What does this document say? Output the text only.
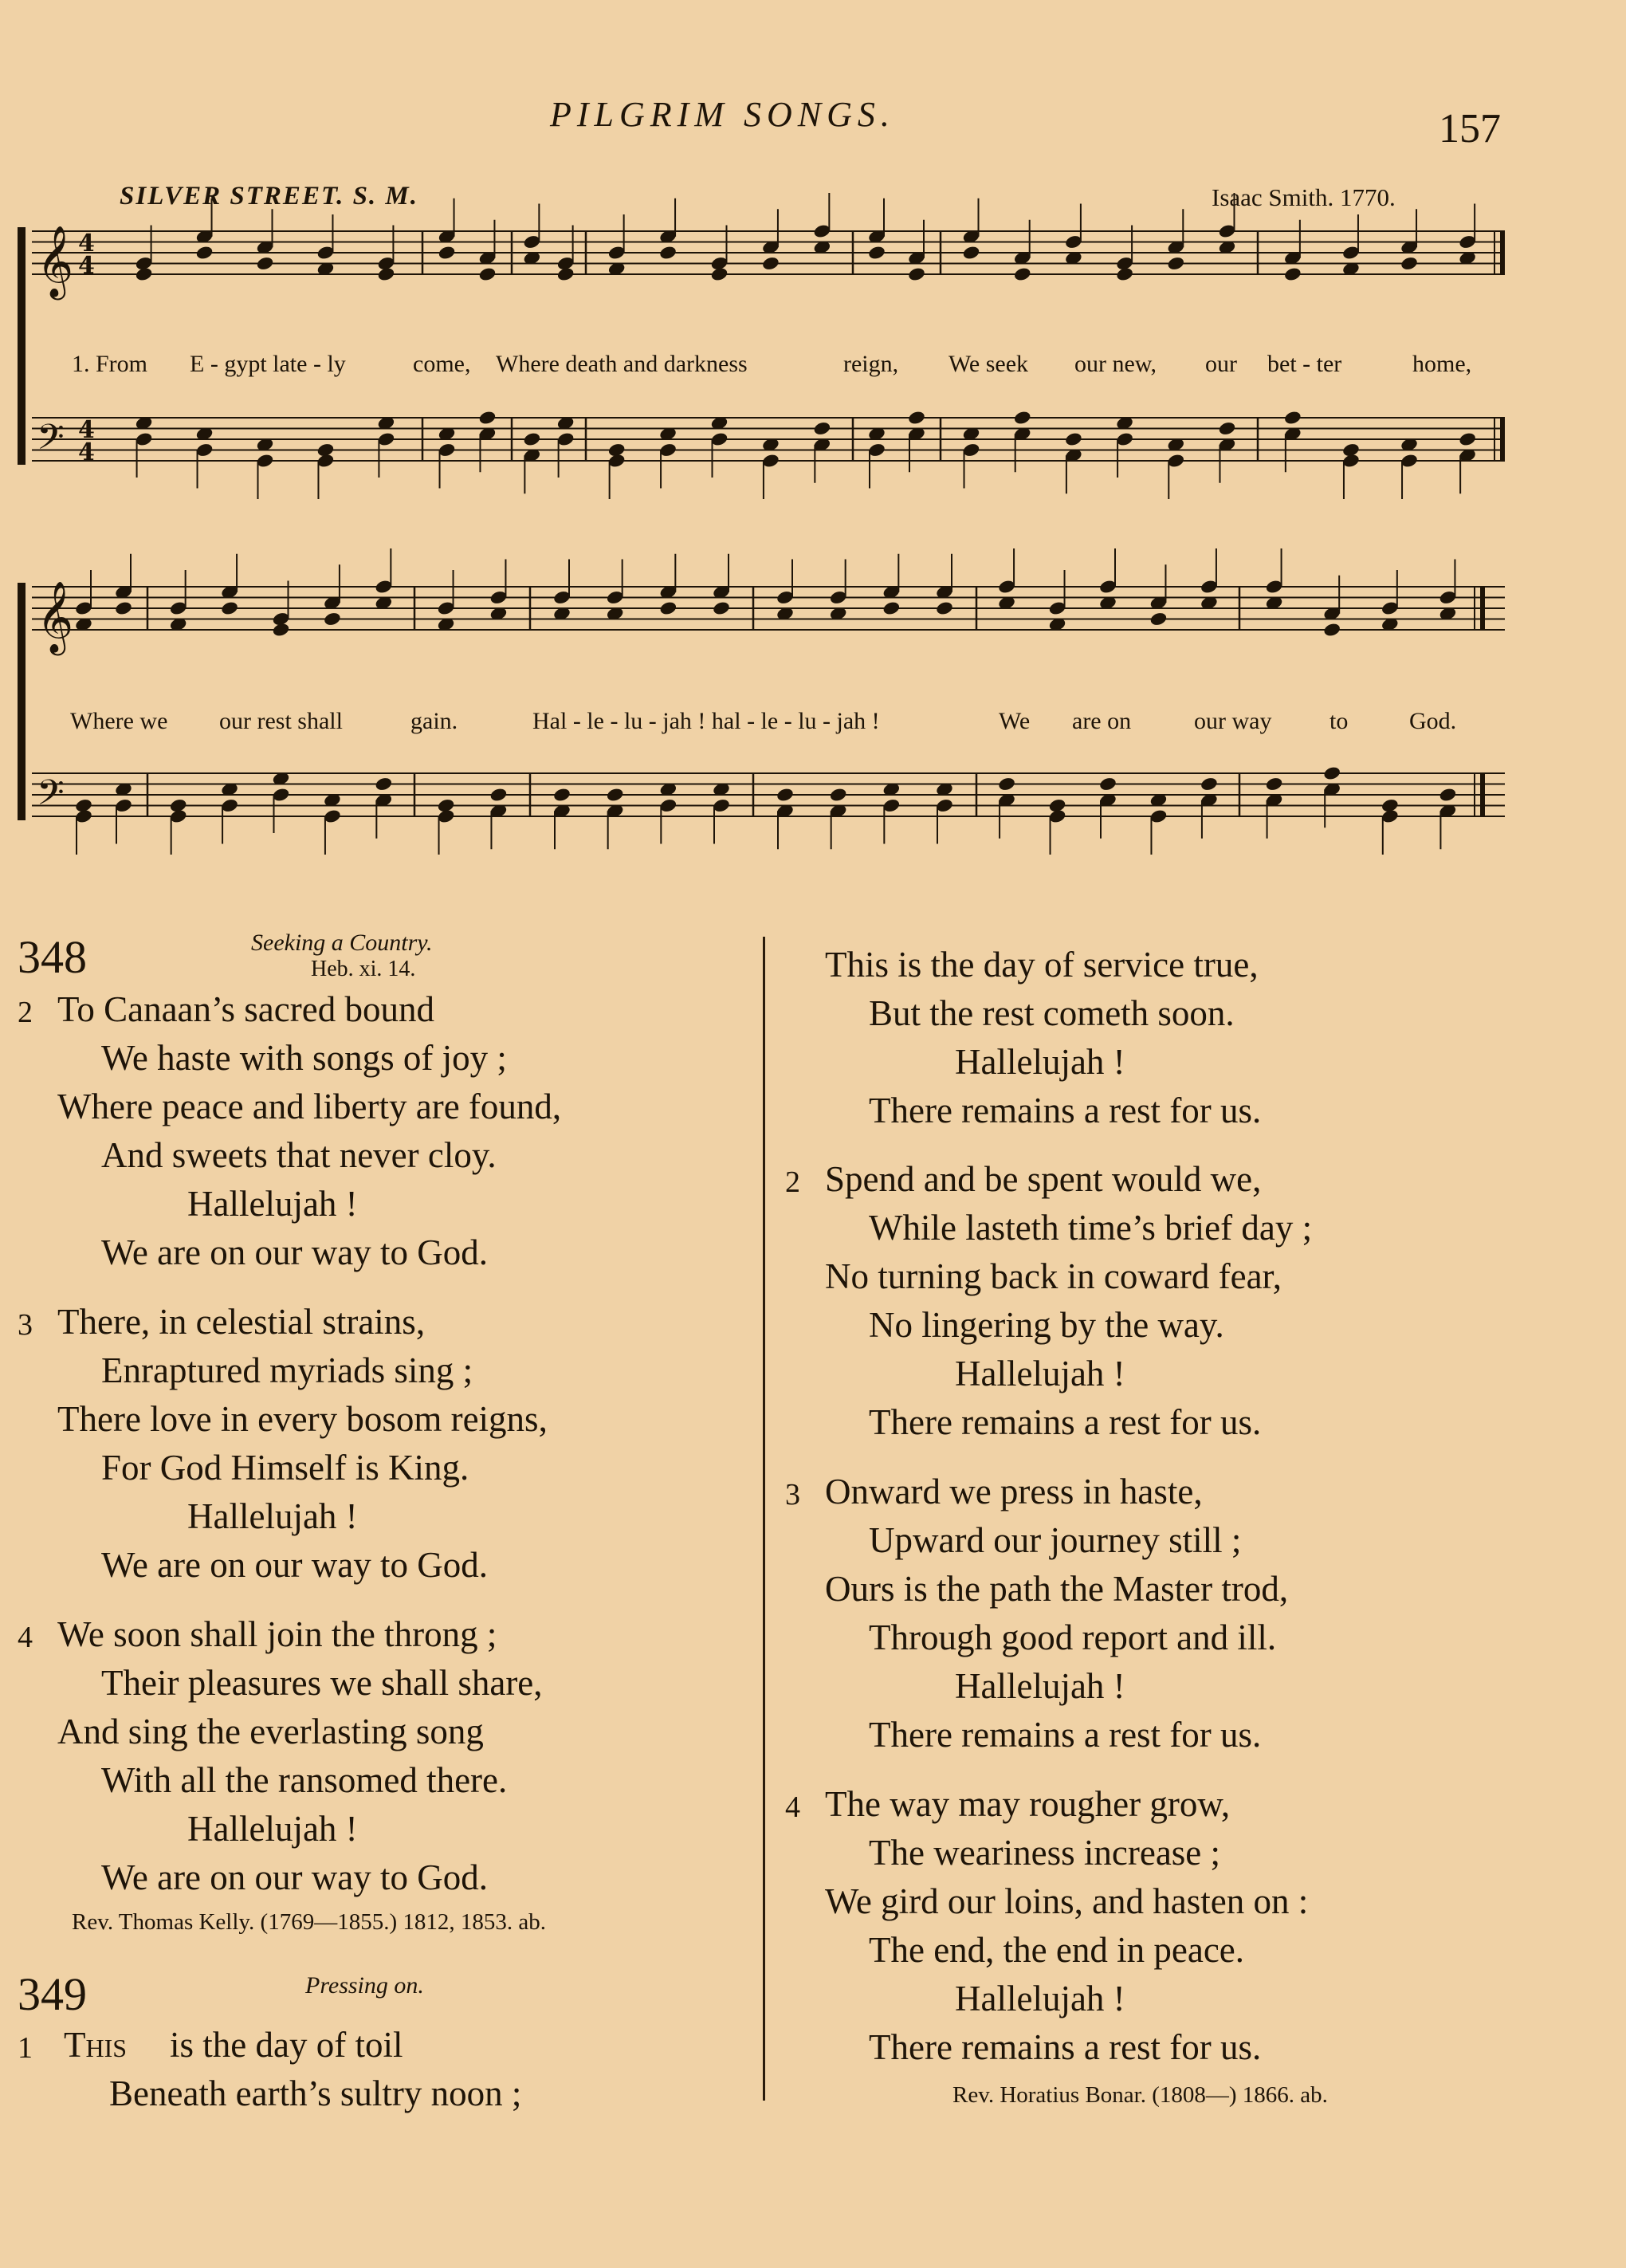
PILGRIM SONGS.	157
SILVER STREET. S. M.	Isaac Smith. 1770.
𝄞 4
4
𝄢 4
4
𝄞
𝄢
1. From E - gypt late - ly	come, Where death and darkness	reign, We seek our new, our bet - ter	home,
Where we our rest shall	gain.	Hal - le - lu - jah ! hal - le - lu - jah !	We are on	our way to	God.
348	Seeking a Country.
Heb. xi. 14.
2 To Canaan’s sacred bound
We haste with songs of joy ;
Where peace and liberty are found,
And sweets that never cloy.
Hallelujah !
We are on our way to God.
3 There, in celestial strains,
Enraptured myriads sing ;
There love in every bosom reigns,
For God Himself is King.
Hallelujah !
We are on our way to God.
4 We soon shall join the throng ;
Their pleasures we shall share,
And sing the everlasting song
With all the ransomed there.
Hallelujah !
We are on our way to God.
Rev. Thomas Kelly. (1769—1855.) 1812, 1853. ab.
349	Pressing on.
1 This is the day of toil
Beneath earth’s sultry noon ;
This is the day of service true,
But the rest cometh soon.
Hallelujah !
There remains a rest for us.
2 Spend and be spent would we,
While lasteth time’s brief day ;
No turning back in coward fear,
No lingering by the way.
Hallelujah !
There remains a rest for us.
3 Onward we press in haste,
Upward our journey still ;
Ours is the path the Master trod,
Through good report and ill.
Hallelujah !
There remains a rest for us.
4 The way may rougher grow,
The weariness increase ;
We gird our loins, and hasten on :
The end, the end in peace.
Hallelujah !
There remains a rest for us.
Rev. Horatius Bonar. (1808—) 1866. ab.
